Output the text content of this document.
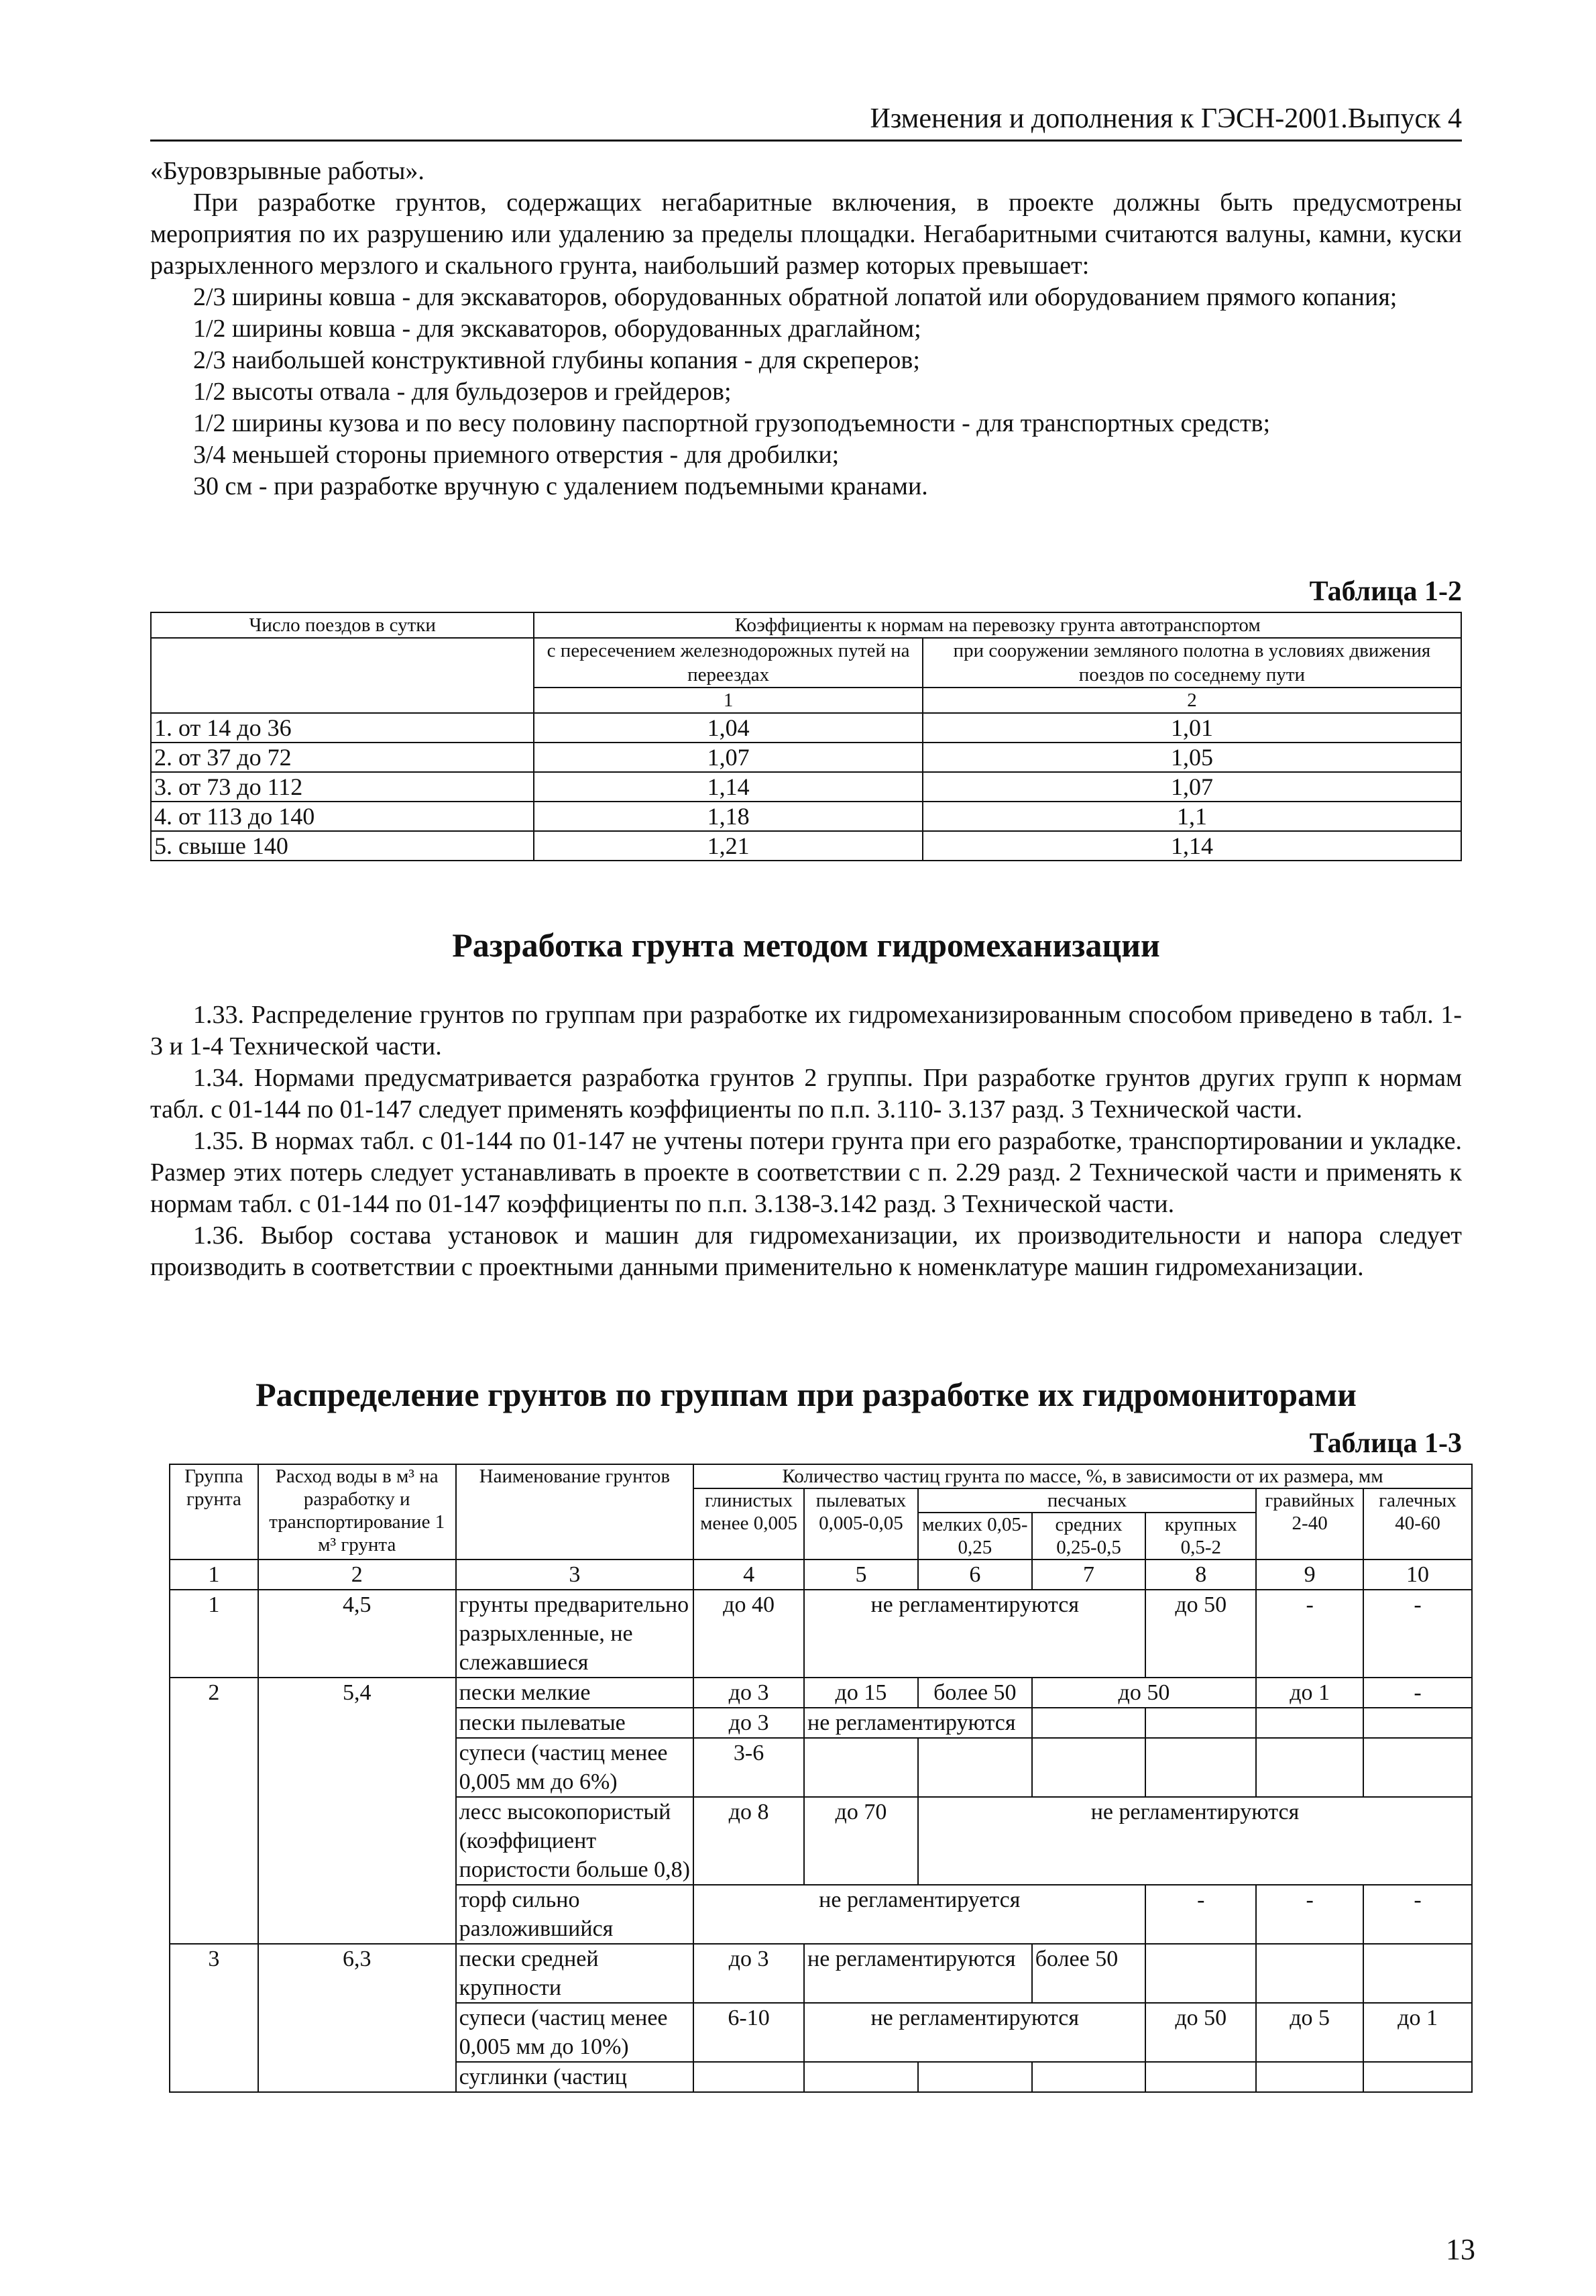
Изменения и дополнения к ГЭСН-2001.Выпуск 4

«Буровзрывные работы».

При разработке грунтов, содержащих негабаритные включения, в проекте должны быть предусмотрены мероприятия по их разрушению или удалению за пределы площадки. Негабаритными считаются валуны, камни, куски разрыхленного мерзлого и скального грунта, наибольший размер которых превышает:

2/3 ширины ковша - для экскаваторов, оборудованных обратной лопатой или оборудованием прямого копания;

1/2 ширины ковша - для экскаваторов, оборудованных драглайном;

2/3 наибольшей конструктивной глубины копания - для скреперов;

1/2 высоты отвала - для бульдозеров и грейдеров;

1/2 ширины кузова и по весу половину паспортной грузоподъемности - для транспортных средств;

3/4 меньшей стороны приемного отверстия - для дробилки;

30 см - при разработке вручную с удалением подъемными кранами.

Таблица 1-2
Число поездов в сутки	Коэффициенты к нормам на перевозку грунта автотранспортом	
	с пересечением железнодорожных путей на переездах	при сооружении земляного полотна в условиях движения поездов по соседнему пути
	1	2
1. от 14 до 36	1,04	1,01
2. от 37 до 72	1,07	1,05
3. от 73 до 112	1,14	1,07
4. от 113 до 140	1,18	1,1
5. свыше 140	1,21	1,14
Разработка грунта методом гидромеханизации

1.33. Распределение грунтов по группам при разработке их гидромеханизированным способом приведено в табл. 1-3 и 1-4 Технической части.

1.34. Нормами предусматривается разработка грунтов 2 группы. При разработке грунтов других групп к нормам табл. с 01-144 по 01-147 следует применять коэффициенты по п.п. 3.110- 3.137 разд. 3 Технической части.

1.35. В нормах табл. с 01-144 по 01-147 не учтены потери грунта при его разработке, транспортировании и укладке. Размер этих потерь следует устанавливать в проекте в соответствии с п. 2.29 разд. 2 Технической части и применять к нормам табл. с 01-144 по 01-147 коэффициенты по п.п. 3.138-3.142 разд. 3 Технической части.

1.36. Выбор состава установок и машин для гидромеханизации, их производительности и напора следует производить в соответствии с проектными данными применительно к номенклатуре машин гидромеханизации.

Распределение грунтов по группам при разработке их гидромониторами
Таблица 1-3
Группа грунта	Расход воды в м³ на разработку и транспортирование 1 м³ грунта	Наименование грунтов	Количество частиц грунта по массе, %, в зависимости от их размера, мм						
			глинистых менее 0,005	пылеватых 0,005-0,05	песчаных			гравийных 2-40	галечных 40-60
					мелких 0,05-0,25	средних 0,25-0,5	крупных 0,5-2		
1	2	3	4	5	6	7	8	9	10
1	4,5	грунты предварительно разрыхленные, не слежавшиеся	до 40	не регламентируются			до 50	-	-
2	5,4	пески мелкие	до 3	до 15	более 50	до 50		до 1	-
		пески пылеватые	до 3	не регламентируются					
		супеси (частиц менее 0,005 мм до 6%)	3-6						
		лесс высокопористый (коэффициент пористости больше 0,8)	до 8	до 70	не регламентируются				
		торф сильно разложившийся	не регламентируется				-	-	-
3	6,3	пески средней крупности	до 3	не регламентируются		более 50			
		супеси (частиц менее 0,005 мм до 10%)	6-10	не регламентируются			до 50	до 5	до 1
		суглинки (частиц							
13
